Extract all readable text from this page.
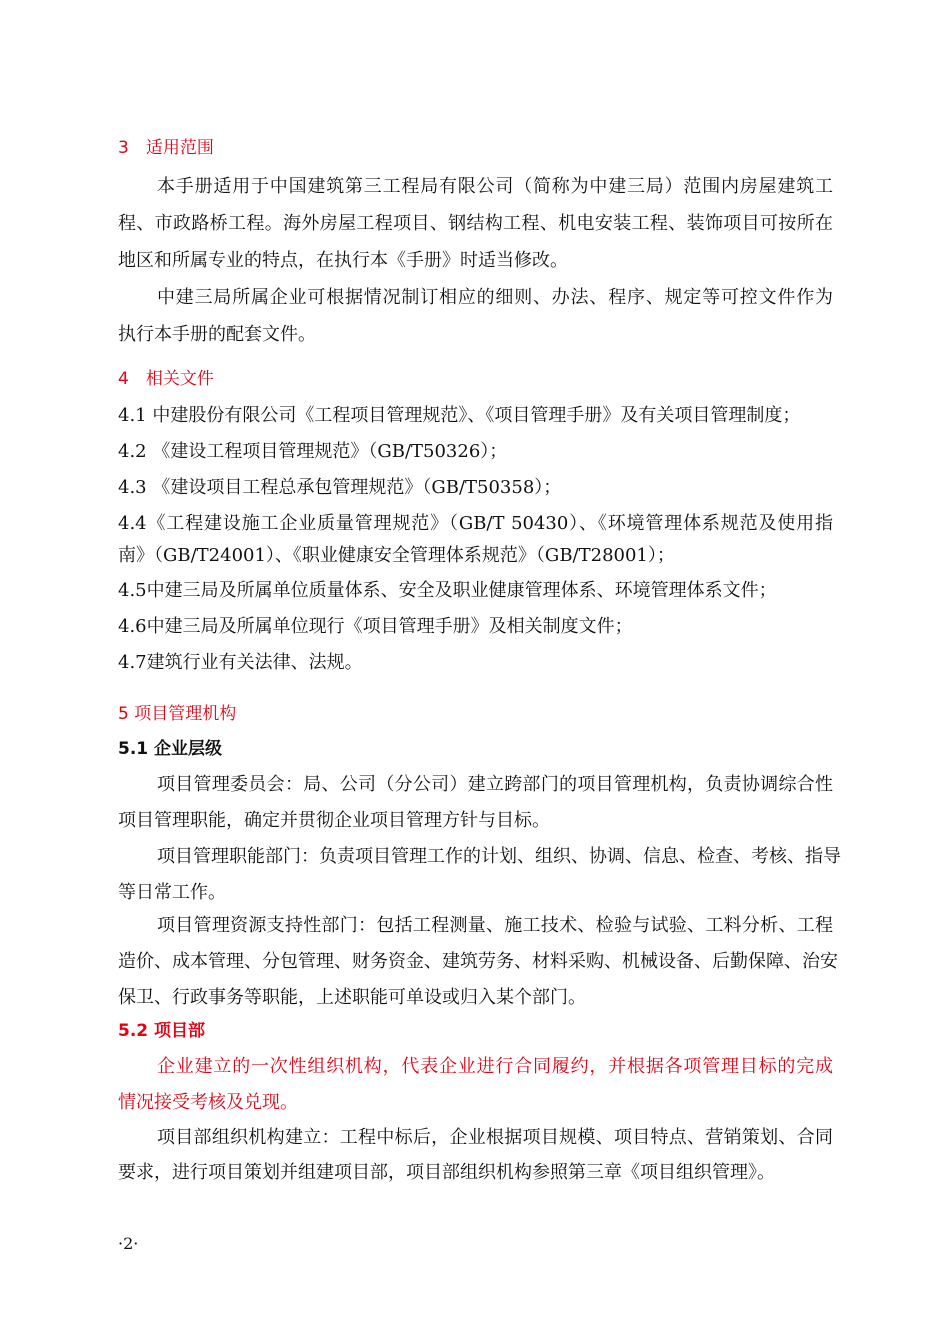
3　适用范围
本手册适用于中国建筑第三工程局有限公司（简称为中建三局）范围内房屋建筑工
程、市政路桥工程。海外房屋工程项目、钢结构工程、机电安装工程、装饰项目可按所在
地区和所属专业的特点，在执行本《手册》时适当修改。
中建三局所属企业可根据情况制订相应的细则、办法、程序、规定等可控文件作为
执行本手册的配套文件。
4　相关文件
4.1 中建股份有限公司《工程项目管理规范》、《项目管理手册》及有关项目管理制度；
4.2 《建设工程项目管理规范》（GB/T50326）；
4.3 《建设项目工程总承包管理规范》（GB/T50358）；
4.4《工程建设施工企业质量管理规范》（GB/T 50430）、《环境管理体系规范及使用指
南》（GB/T24001）、《职业健康安全管理体系规范》（GB/T28001）；
4.5中建三局及所属单位质量体系、安全及职业健康管理体系、环境管理体系文件；
4.6中建三局及所属单位现行《项目管理手册》及相关制度文件；
4.7建筑行业有关法律、法规。
5 项目管理机构
5.1 企业层级
项目管理委员会：局、公司（分公司）建立跨部门的项目管理机构，负责协调综合性
项目管理职能，确定并贯彻企业项目管理方针与目标。
项目管理职能部门：负责项目管理工作的计划、组织、协调、信息、检查、考核、指导
等日常工作。
项目管理资源支持性部门：包括工程测量、施工技术、检验与试验、工料分析、工程
造价、成本管理、分包管理、财务资金、建筑劳务、材料采购、机械设备、后勤保障、治安
保卫、行政事务等职能，上述职能可单设或归入某个部门。
5.2 项目部
企业建立的一次性组织机构，代表企业进行合同履约，并根据各项管理目标的完成
情况接受考核及兑现。
项目部组织机构建立：工程中标后，企业根据项目规模、项目特点、营销策划、合同
要求，进行项目策划并组建项目部，项目部组织机构参照第三章《项目组织管理》。
·2·
